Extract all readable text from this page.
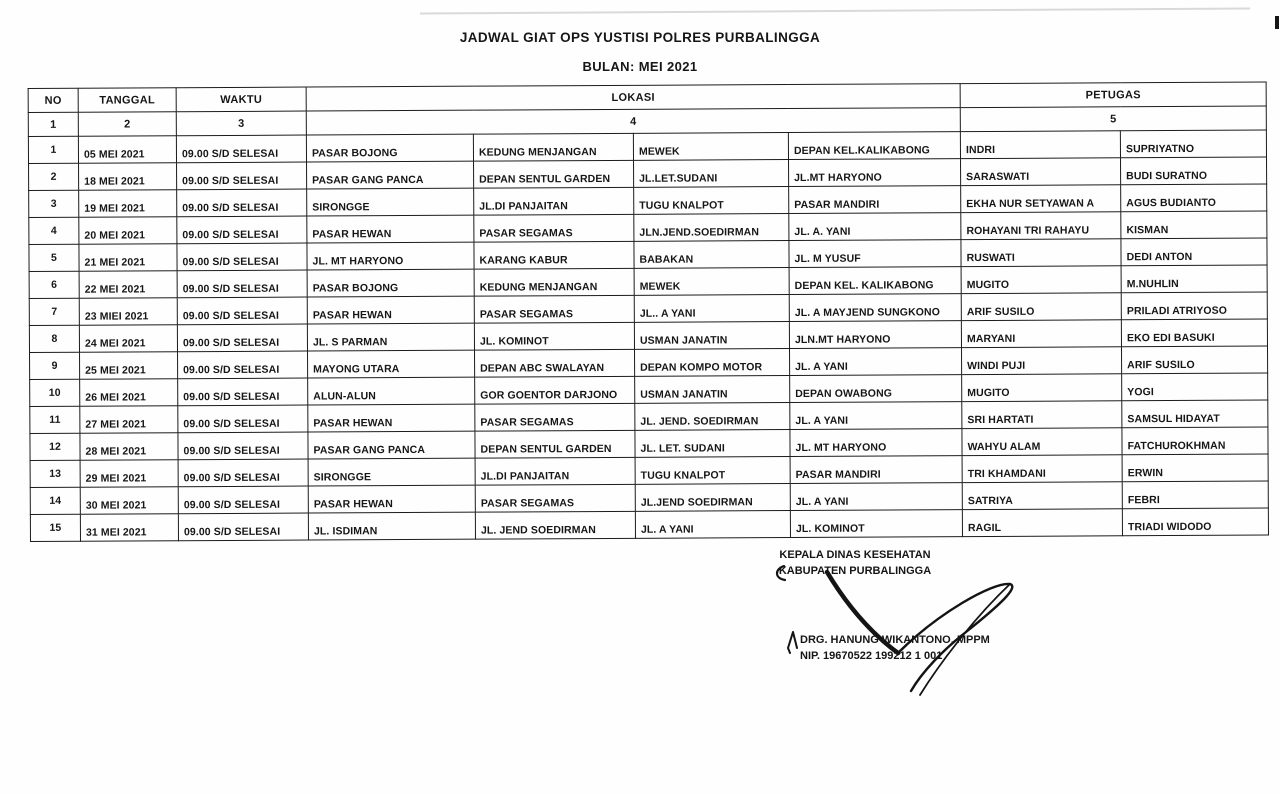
JADWAL GIAT OPS YUSTISI POLRES PURBALINGGA

BULAN: MEI 2021

NO	TANGGAL	WAKTU	LOKASI				PETUGAS	
1	2	3	4				5	
1	05 MEI 2021	09.00 S/D SELESAI	PASAR BOJONG	KEDUNG MENJANGAN	MEWEK	DEPAN KEL.KALIKABONG	INDRI	SUPRIYATNO
2	18 MEI 2021	09.00 S/D SELESAI	PASAR GANG PANCA	DEPAN SENTUL GARDEN	JL.LET.SUDANI	JL.MT HARYONO	SARASWATI	BUDI SURATNO
3	19 MEI 2021	09.00 S/D SELESAI	SIRONGGE	JL.DI PANJAITAN	TUGU KNALPOT	PASAR MANDIRI	EKHA NUR SETYAWAN A	AGUS BUDIANTO
4	20 MEI 2021	09.00 S/D SELESAI	PASAR HEWAN	PASAR SEGAMAS	JLN.JEND.SOEDIRMAN	JL. A. YANI	ROHAYANI TRI RAHAYU	KISMAN
5	21 MEI 2021	09.00 S/D SELESAI	JL. MT HARYONO	KARANG KABUR	BABAKAN	JL. M YUSUF	RUSWATI	DEDI ANTON
6	22 MEI 2021	09.00 S/D SELESAI	PASAR BOJONG	KEDUNG MENJANGAN	MEWEK	DEPAN KEL. KALIKABONG	MUGITO	M.NUHLIN
7	23 MIEI 2021	09.00 S/D SELESAI	PASAR HEWAN	PASAR SEGAMAS	JL.. A YANI	JL. A MAYJEND SUNGKONO	ARIF SUSILO	PRILADI ATRIYOSO
8	24 MEI 2021	09.00 S/D SELESAI	JL. S PARMAN	JL. KOMINOT	USMAN JANATIN	JLN.MT HARYONO	MARYANI	EKO EDI BASUKI
9	25 MEI 2021	09.00 S/D SELESAI	MAYONG UTARA	DEPAN ABC SWALAYAN	DEPAN KOMPO MOTOR	JL. A YANI	WINDI PUJI	ARIF SUSILO
10	26 MEI 2021	09.00 S/D SELESAI	ALUN-ALUN	GOR GOENTOR DARJONO	USMAN JANATIN	DEPAN OWABONG	MUGITO	YOGI
11	27 MEI 2021	09.00 S/D SELESAI	PASAR HEWAN	PASAR SEGAMAS	JL. JEND. SOEDIRMAN	JL. A YANI	SRI HARTATI	SAMSUL HIDAYAT
12	28 MEI 2021	09.00 S/D SELESAI	PASAR GANG PANCA	DEPAN SENTUL GARDEN	JL. LET. SUDANI	JL. MT HARYONO	WAHYU ALAM	FATCHUROKHMAN
13	29 MEI 2021	09.00 S/D SELESAI	SIRONGGE	JL.DI PANJAITAN	TUGU KNALPOT	PASAR MANDIRI	TRI KHAMDANI	ERWIN
14	30 MEI 2021	09.00 S/D SELESAI	PASAR HEWAN	PASAR SEGAMAS	JL.JEND SOEDIRMAN	JL. A YANI	SATRIYA	FEBRI
15	31 MEI 2021	09.00 S/D SELESAI	JL. ISDIMAN	JL. JEND SOEDIRMAN	JL. A YANI	JL. KOMINOT	RAGIL	TRIADI WIDODO
KEPALA DINAS KESEHATAN
KABUPATEN PURBALINGGA
DRG. HANUNG WIKANTONO, MPPM
NIP. 19670522 199212 1 001
